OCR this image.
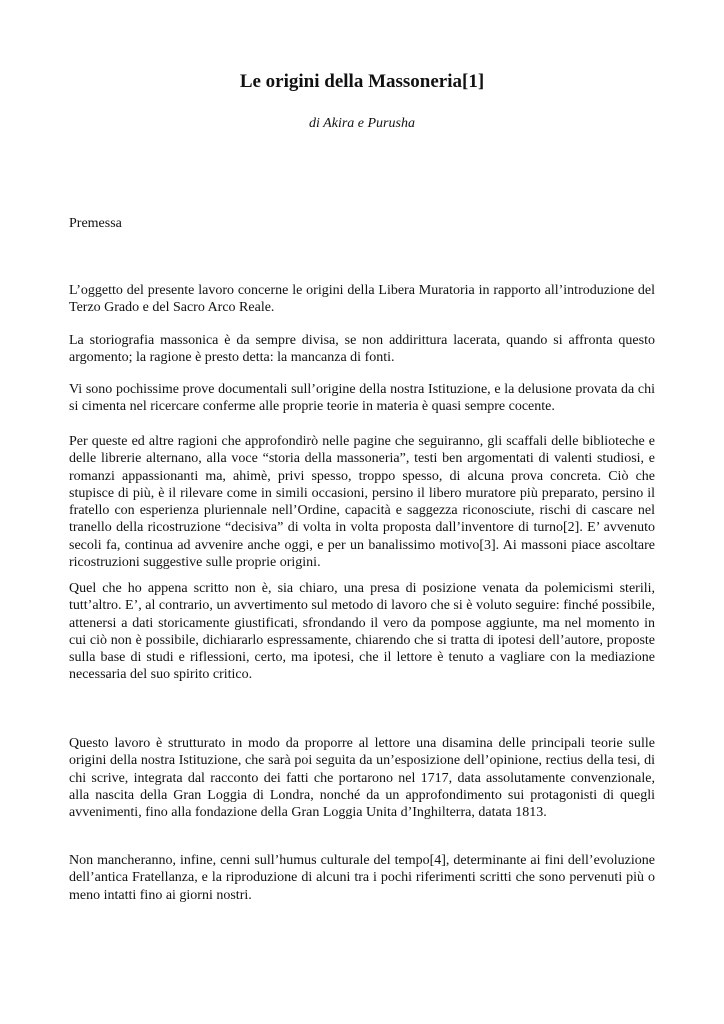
Le origini della Massoneria[1]
di Akira e Purusha
Premessa

L’oggetto del presente lavoro concerne le origini della Libera Muratoria in rapporto all’introduzione del Terzo Grado e del Sacro Arco Reale.

La storiografia massonica è da sempre divisa, se non addirittura lacerata, quando si affronta questo argomento; la ragione è presto detta: la mancanza di fonti.

Vi sono pochissime prove documentali sull’origine della nostra Istituzione, e la delusione provata da chi si cimenta nel ricercare conferme alle proprie teorie in materia è quasi sempre cocente.

Per queste ed altre ragioni che approfondirò nelle pagine che seguiranno, gli scaffali delle biblioteche e delle librerie alternano, alla voce “storia della massoneria”, testi ben argomentati di valenti studiosi, e romanzi appassionanti ma, ahimè, privi spesso, troppo spesso, di alcuna prova concreta. Ciò che stupisce di più, è il rilevare come in simili occasioni, persino il libero muratore più preparato, persino il fratello con esperienza pluriennale nell’Ordine, capacità e saggezza riconosciute, rischi di cascare nel tranello della ricostruzione “decisiva” di volta in volta proposta dall’inventore di turno[2]. E’ avvenuto secoli fa, continua ad avvenire anche oggi, e per un banalissimo motivo[3]. Ai massoni piace ascoltare ricostruzioni suggestive sulle proprie origini.

Quel che ho appena scritto non è, sia chiaro, una presa di posizione venata da polemicismi sterili, tutt’altro. E’, al contrario, un avvertimento sul metodo di lavoro che si è voluto seguire: finché possibile, attenersi a dati storicamente giustificati, sfrondando il vero da pompose aggiunte, ma nel momento in cui ciò non è possibile, dichiararlo espressamente, chiarendo che si tratta di ipotesi dell’autore, proposte sulla base di studi e riflessioni, certo, ma ipotesi, che il lettore è tenuto a vagliare con la mediazione necessaria del suo spirito critico.

Questo lavoro è strutturato in modo da proporre al lettore una disamina delle principali teorie sulle origini della nostra Istituzione, che sarà poi seguita da un’esposizione dell’opinione, rectius della tesi, di chi scrive, integrata dal racconto dei fatti che portarono nel 1717, data assolutamente convenzionale, alla nascita della Gran Loggia di Londra, nonché da un approfondimento sui protagonisti di quegli avvenimenti, fino alla fondazione della Gran Loggia Unita d’Inghilterra, datata 1813.

Non mancheranno, infine, cenni sull’humus culturale del tempo[4], determinante ai fini dell’evoluzione dell’antica Fratellanza, e la riproduzione di alcuni tra i pochi riferimenti scritti che sono pervenuti più o meno intatti fino ai giorni nostri.
